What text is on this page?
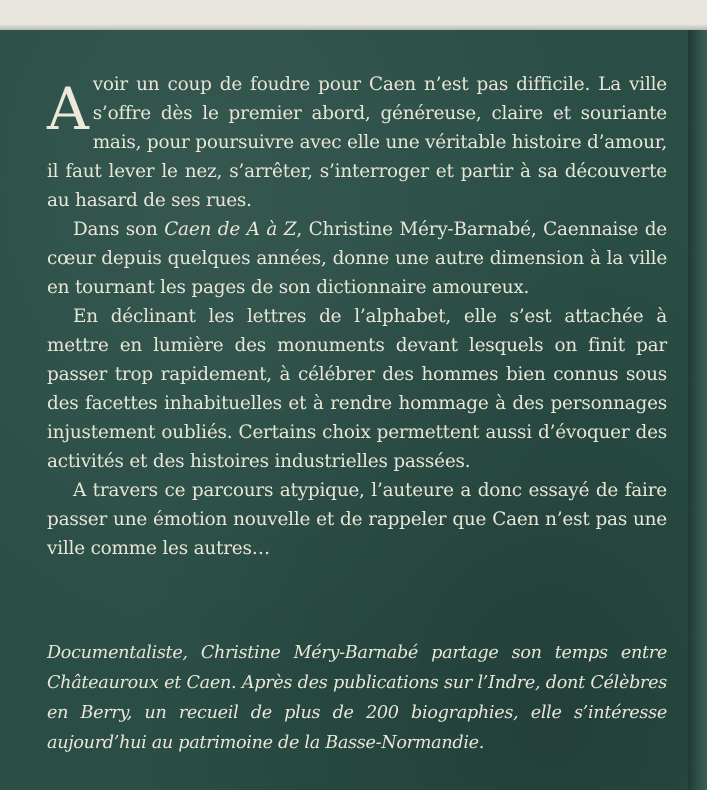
Avoir un coup de foudre pour Caen n’est pas difficile. La ville s’offre dès le premier abord, généreuse, claire et souriante mais, pour poursuivre avec elle une véritable histoire d’amour, il faut lever le nez, s’arrêter, s’interroger et partir à sa découverte au hasard de ses rues.

Dans son Caen de A à Z, Christine Méry-Barnabé, Caennaise de cœur depuis quelques années, donne une autre dimension à la ville en tournant les pages de son dictionnaire amoureux.

En déclinant les lettres de l’alphabet, elle s’est attachée à mettre en lumière des monuments devant lesquels on finit par passer trop rapidement, à célébrer des hommes bien connus sous des facettes inhabituelles et à rendre hommage à des personnages injustement oubliés. Certains choix permettent aussi d’évoquer des activités et des histoires industrielles passées.

A travers ce parcours atypique, l’auteure a donc essayé de faire passer une émotion nouvelle et de rappeler que Caen n’est pas une ville comme les autres…

Documentaliste, Christine Méry-Barnabé partage son temps entre Châteauroux et Caen. Après des publications sur l’Indre, dont Célèbres en Berry, un recueil de plus de 200 biographies, elle s’intéresse aujourd’hui au patrimoine de la Basse-Normandie.
